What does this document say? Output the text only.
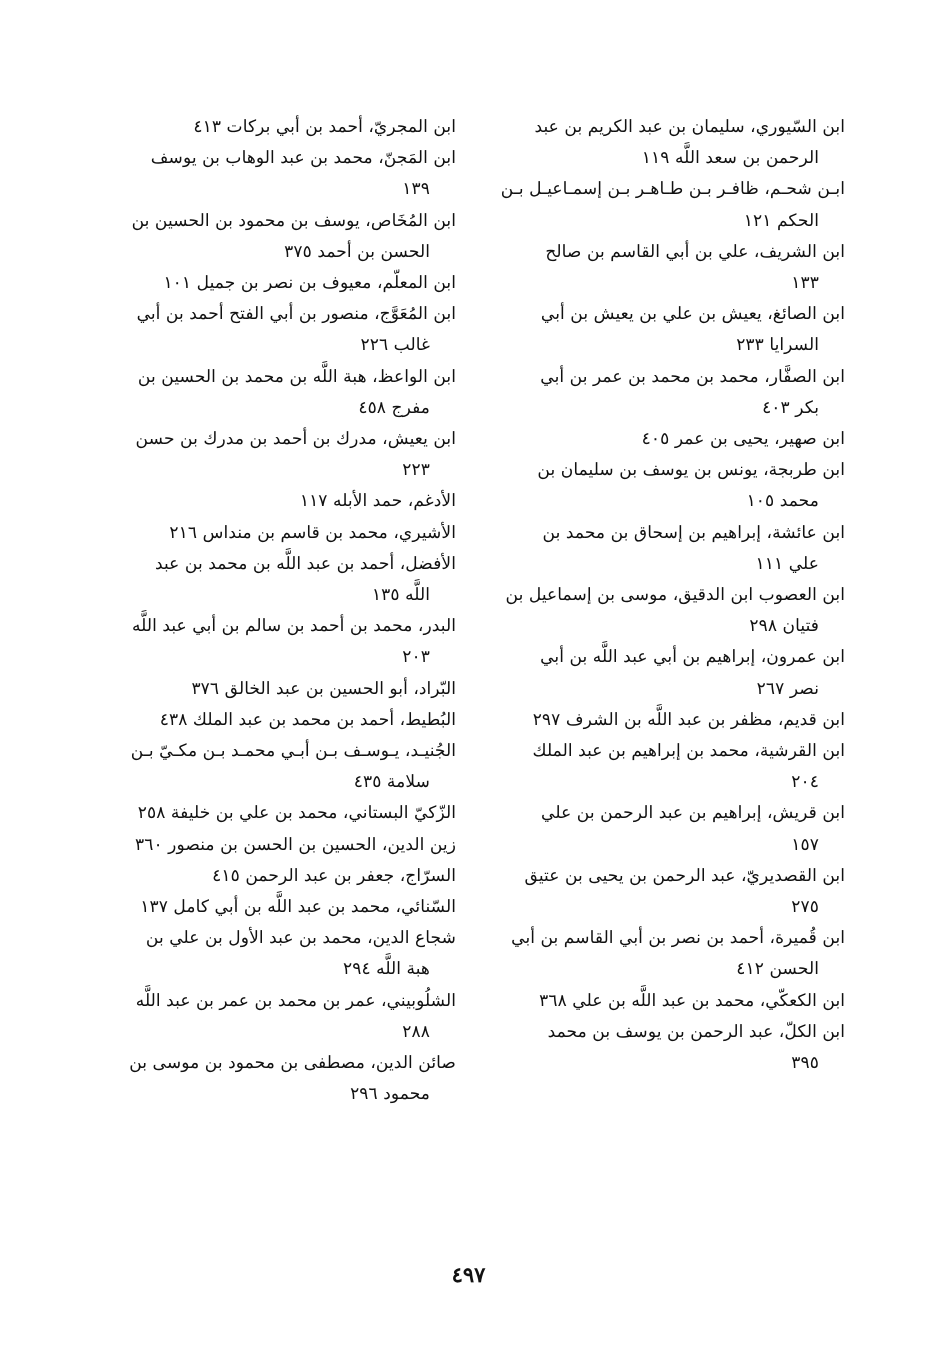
ابن السّيوري، سليمان بن عبد الكريم بن عبد
الرحمن بن سعد اللَّه ١١٩
ابـن شحـم، ظافـر بـن طـاهـر بـن إسمـاعيـل بـن
الحكم ١٢١
ابن الشريف، علي بن أبي القاسم بن صالح
١٣٣
ابن الصائغ، يعيش بن علي بن يعيش بن أبي
السرايا ٢٣٣
ابن الصفَّار، محمد بن محمد بن عمر بن أبي
بكر ٤٠٣
ابن صهير، يحيى بن عمر ٤٠٥
ابن طربجة، يونس بن يوسف بن سليمان بن
محمد ١٠٥
ابن عائشة، إبراهيم بن إسحاق بن محمد بن
علي ١١١
ابن العصوب ابن الدقيق، موسى بن إسماعيل بن
فتيان ٢٩٨
ابن عمرون، إبراهيم بن أبي عبد اللَّه بن أبي
نصر ٢٦٧
ابن قديم، مظفر بن عبد اللَّه بن الشرف ٢٩٧
ابن القرشية، محمد بن إبراهيم بن عبد الملك
٢٠٤
ابن قريش، إبراهيم بن عبد الرحمن بن علي
١٥٧
ابن القصديريّ، عبد الرحمن بن يحيى بن عتيق
٢٧٥
ابن قُميرة، أحمد بن نصر بن أبي القاسم بن أبي
الحسن ٤١٢
ابن الكعكّي، محمد بن عبد اللَّه بن علي ٣٦٨
ابن الكلّ، عبد الرحمن بن يوسف بن محمد
٣٩٥
ابن المجريّ، أحمد بن أبي بركات ٤١٣
ابن المَجنّ، محمد بن عبد الوهاب بن يوسف
١٣٩
ابن المُخَاص، يوسف بن محمود بن الحسين بن
الحسن بن أحمد ٣٧٥
ابن المعلّم، معيوف بن نصر بن جميل ١٠١
ابن المُعَوَّج، منصور بن أبي الفتح أحمد بن أبي
غالب ٢٢٦
ابن الواعظ، هبة اللَّه بن محمد بن الحسين بن
مفرج ٤٥٨
ابن يعيش، مدرك بن أحمد بن مدرك بن حسن
٢٢٣
الأدغم، حمد الأبله ١١٧
الأشيري، محمد بن قاسم بن منداس ٢١٦
الأفضل، أحمد بن عبد اللَّه بن محمد بن عبد
اللَّه ١٣٥
البدر، محمد بن أحمد بن سالم بن أبي عبد اللَّه
٢٠٣
البّراد، أبو الحسين بن عبد الخالق ٣٧٦
البُطيط، أحمد بن محمد بن عبد الملك ٤٣٨
الجُنيـد، يـوسـف بـن أبـي محمـد بـن مكـيّ بـن
سلامة ٤٣٥
الزّكيّ البستاني، محمد بن علي بن خليفة ٢٥٨
زين الدين، الحسين بن الحسن بن منصور ٣٦٠
السرّاج، جعفر بن عبد الرحمن ٤١٥
السّنائي، محمد بن عبد اللَّه بن أبي كامل ١٣٧
شجاع الدين، محمد بن عبد الأول بن علي بن
هبة اللَّه ٢٩٤
الشلُوبيني، عمر بن محمد بن عمر بن عبد اللَّه
٢٨٨
صائن الدين، مصطفى بن محمود بن موسى بن
محمود ٢٩٦
٤٩٧
